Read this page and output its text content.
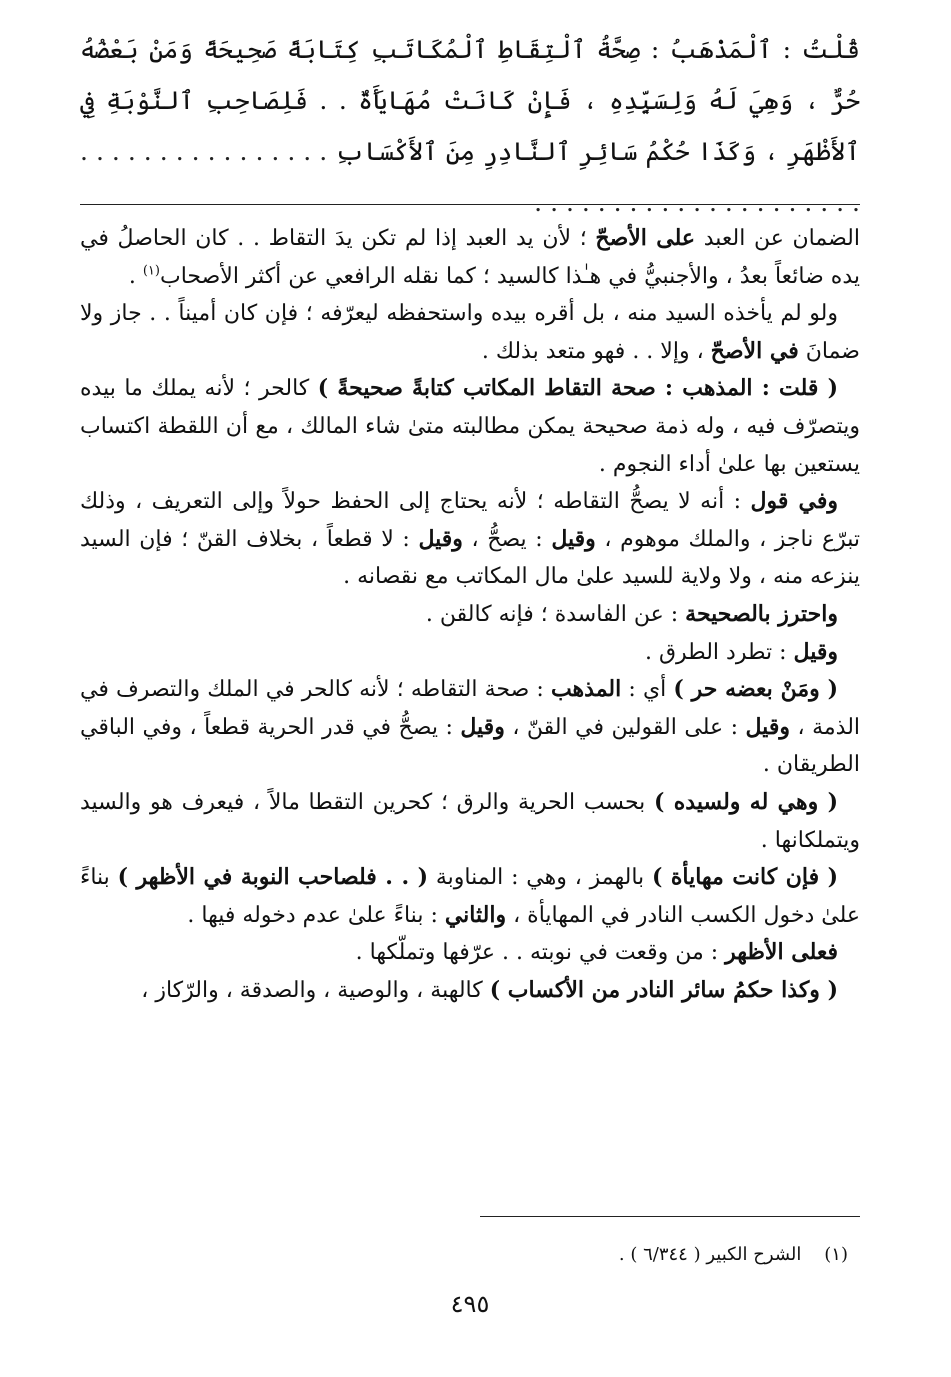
قُلْتُ : ٱلْمَذْهَبُ : صِحَّةُ ٱلْتِقَاطِ ٱلْمُكَاتَبِ كِتَابَةً صَحِيحَةً وَمَنْ بَعْضُهُ حُرٌّ ، وَهِيَ لَهُ وَلِسَيِّدِهِ ، فَإِنْ كَانَتْ مُهَايَأَةٌ . . فَلِصَاحِبِ ٱلنَّوْبَةِ فِي ٱلأَظْهَرِ ، وَكَذَا حُكْمُ سَائِرِ ٱلنَّادِرِ مِنَ ٱلأَكْسَابِ . . . . . . . . . . . . . . . . . . . . . . . . . . . . . . . . . . . . .

الضمان عن العبد على الأصحّ ؛ لأن يد العبد إذا لم تكن يدَ التقاط . . كان الحاصلُ في يده ضائعاً بعدُ ، والأجنبيُّ في هـٰذا كالسيد ؛ كما نقله الرافعي عن أكثر الأصحاب$^{(١)}$ .

ولو لم يأخذه السيد منه ، بل أقره بيده واستحفظه ليعرّفه ؛ فإن كان أميناً . . جاز ولا ضمانَ في الأصحّ ، وإلا . . فهو متعد بذلك .

( قلت : المذهب : صحة التقاط المكاتب كتابةً صحيحةً ) كالحر ؛ لأنه يملك ما بيده ويتصرّف فيه ، وله ذمة صحيحة يمكن مطالبته متىٰ شاء المالك ، مع أن اللقطة اكتساب يستعين بها علىٰ أداء النجوم .

وفي قول : أنه لا يصحُّ التقاطه ؛ لأنه يحتاج إلى الحفظ حولاً وإلى التعريف ، وذلك تبرّع ناجز ، والملك موهوم ، وقيل : يصحُّ ، وقيل : لا قطعاً ، بخلاف القنّ ؛ فإن السيد ينزعه منه ، ولا ولاية للسيد علىٰ مال المكاتب مع نقصانه .

واحترز بالصحيحة : عن الفاسدة ؛ فإنه كالقن .

وقيل : تطرد الطرق .

( ومَنْ بعضه حر ) أي : المذهب : صحة التقاطه ؛ لأنه كالحر في الملك والتصرف في الذمة ، وقيل : على القولين في القنّ ، وقيل : يصحُّ في قدر الحرية قطعاً ، وفي الباقي الطريقان .

( وهي له ولسيده ) بحسب الحرية والرق ؛ كحرين التقطا مالاً ، فيعرف هو والسيد ويتملكانها .

( فإن كانت مهايأة ) بالهمز ، وهي : المناوبة ( . . فلصاحب النوبة في الأظهر ) بناءً علىٰ دخول الكسب النادر في المهايأة ، والثاني : بناءً علىٰ عدم دخوله فيها .

فعلى الأظهر : من وقعت في نوبته . . عرّفها وتملّكها .

( وكذا حكمُ سائر النادر من الأكساب ) كالهبة ، والوصية ، والصدقة ، والرّكاز ،

(١)    الشرح الكبير ( ٦/٣٤٤ ) .

٤٩٥
